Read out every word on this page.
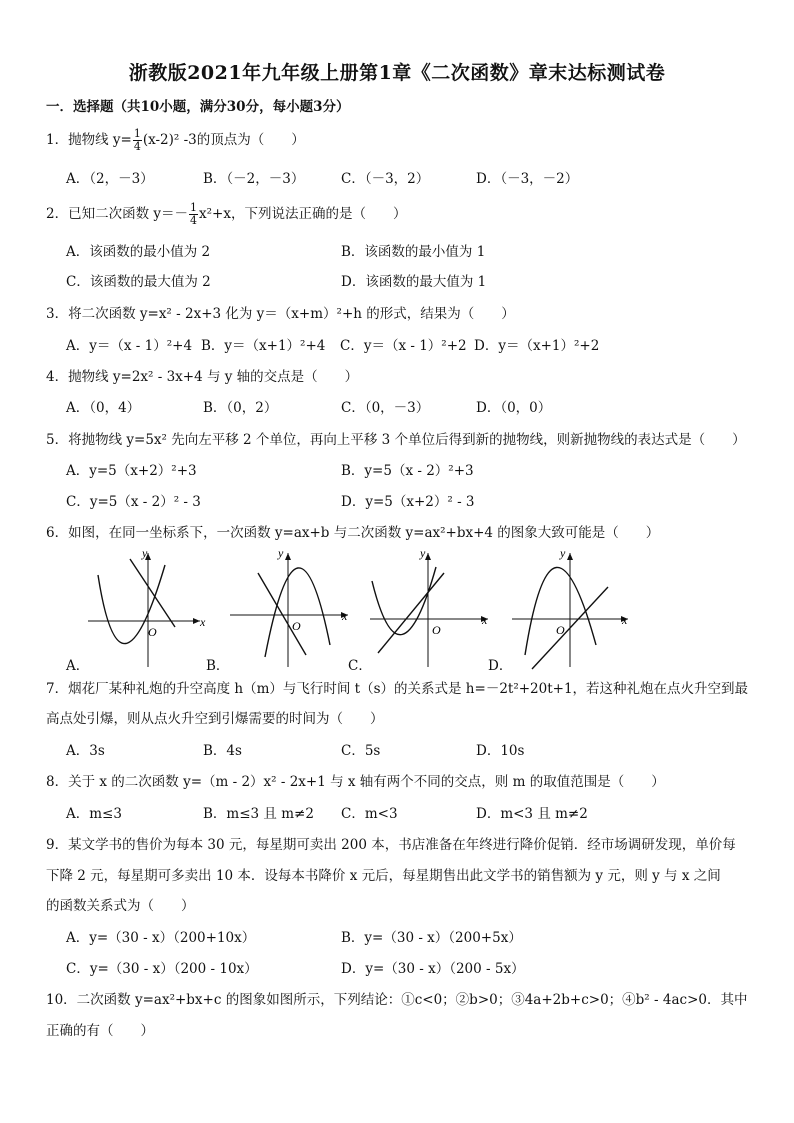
浙教版2021年九年级上册第1章《二次函数》章末达标测试卷
一．选择题（共10小题，满分30分，每小题3分）
1．抛物线 $y= \frac{1}{4} (x-2)^2$ -3的顶点为（　　）
A．（2，－3）	B．（－2，－3）	C．（－3，2）	D．（－3，－2）
2．已知二次函数 $y=- \frac{1}{4} x^2+x$，下列说法正确的是（　　）
A．该函数的最小值为 2	B．该函数的最小值为 1
C．该函数的最大值为 2	D．该函数的最大值为 1
3．将二次函数 y=x² - 2x+3 化为 y＝（x+m）²+h 的形式，结果为（　　）
A．y＝（x - 1）²+4 B．y＝（x+1）²+4 C．y＝（x - 1）²+2 D．y＝（x+1）²+2
4．抛物线 y=2x² - 3x+4 与 y 轴的交点是（　　）
A．（0，4）	B．（0，2）	C．（0，－3）	D．（0，0）
5．将抛物线 y=5x² 先向左平移 2 个单位，再向上平移 3 个单位后得到新的抛物线，则新抛物线的表达式是（　　）
A．y=5（x+2）²+3	B．y=5（x - 2）²+3
C．y=5（x - 2）² - 3	D．y=5（x+2）² - 3
6．如图，在同一坐标系下，一次函数 y=ax+b 与二次函数 y=ax²+bx+4 的图象大致可能是（　　）
y
x
O
y
x
O
y
x
O
y
x
O
A．	B．	C．	D．
7．烟花厂某种礼炮的升空高度 h（m）与飞行时间 t（s）的关系式是 h=－2t²+20t+1，若这种礼炮在点火升空到最
高点处引爆，则从点火升空到引爆需要的时间为（　　）
A．3s	B．4s	C．5s	D．10s
8．关于 x 的二次函数 y=（m - 2）x² - 2x+1 与 x 轴有两个不同的交点，则 m 的取值范围是（　　）
A．m≤3	B．m≤3 且 m≠2 C．m<3	D．m<3 且 m≠2
9．某文学书的售价为每本 30 元，每星期可卖出 200 本，书店准备在年终进行降价促销．经市场调研发现，单价每
下降 2 元，每星期可多卖出 10 本．设每本书降价 x 元后，每星期售出此文学书的销售额为 y 元，则 y 与 x 之间
的函数关系式为（　　）
A．y=（30 - x）（200+10x）	B．y=（30 - x）（200+5x）
C．y=（30 - x）（200 - 10x）	D．y=（30 - x）（200 - 5x）
10．二次函数 y=ax²+bx+c 的图象如图所示，下列结论：①c<0；②b>0；③4a+2b+c>0；④b² - 4ac>0．其中
正确的有（　　）
